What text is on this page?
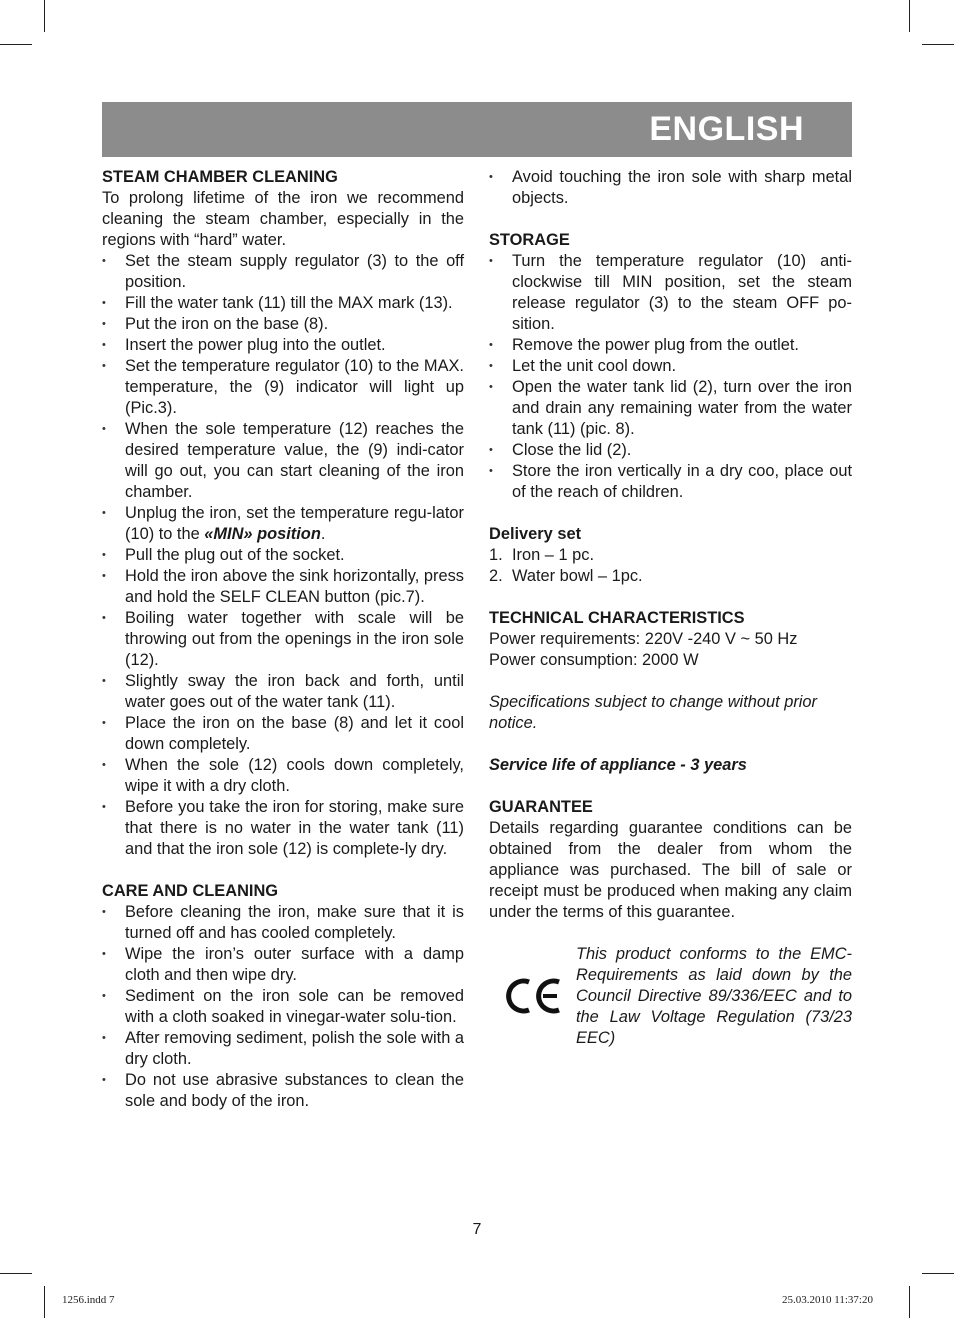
ENGLISH

STEAM CHAMBER CLEANING

To prolong lifetime of the iron we recommend cleaning the steam chamber, especially in the regions with “hard” water.

• Set the steam supply regulator (3) to the off position.
• Fill the water tank (11) till the MAX mark (13).
• Put the iron on the base (8).
• Insert the power plug into the outlet.
• Set the temperature regulator (10) to the MAX. temperature, the (9) indicator will light up (Pic.3).
• When the sole temperature (12) reaches the desired temperature value, the (9) indi-cator will go out, you can start cleaning of the iron chamber.
• Unplug the iron, set the temperature regu-lator (10) to the «MIN» position.
• Pull the plug out of the socket.
• Hold the iron above the sink horizontally, press and hold the SELF CLEAN button (pic.7).
• Boiling water together with scale will be throwing out from the openings in the iron sole (12).
• Slightly sway the iron back and forth, until water goes out of the water tank (11).
• Place the iron on the base (8) and let it cool down completely.
• When the sole (12) cools down completely, wipe it with a dry cloth.
• Before you take the iron for storing, make sure that there is no water in the water tank (11) and that the iron sole (12) is complete-ly dry.

CARE AND CLEANING

• Before cleaning the iron, make sure that it is turned off and has cooled completely.
• Wipe the iron’s outer surface with a damp cloth and then wipe dry.
• Sediment on the iron sole can be removed with a cloth soaked in vinegar-water solu-tion.
• After removing sediment, polish the sole with a dry cloth.
• Do not use abrasive substances to clean the sole and body of the iron.
• Avoid touching the iron sole with sharp metal objects.

STORAGE

• Turn the temperature regulator (10) anti-clockwise till MIN position, set the steam release regulator (3) to the steam OFF po-sition.
• Remove the power plug from the outlet.
• Let the unit cool down.
• Open the water tank lid (2), turn over the iron and drain any remaining water from the water tank (11) (pic. 8).
• Close the lid (2).
• Store the iron vertically in a dry coo, place out of the reach of children.

Delivery set

1. Iron – 1 pc.
2. Water bowl – 1pc.

TECHNICAL CHARACTERISTICS

Power requirements: 220V -240 V ~ 50 Hz

Power consumption: 2000 W

Specifications subject to change without prior notice.

Service life of appliance - 3 years

GUARANTEE

Details regarding guarantee conditions can be obtained from the dealer from whom the appliance was purchased. The bill of sale or receipt must be produced when making any claim under the terms of this guarantee.

This product conforms to the EMC-Requirements as laid down by the Council Directive 89/336/EEC and to the Law Voltage Regulation (73/23 EEC)

7
1256.indd 7	25.03.2010 11:37:20
